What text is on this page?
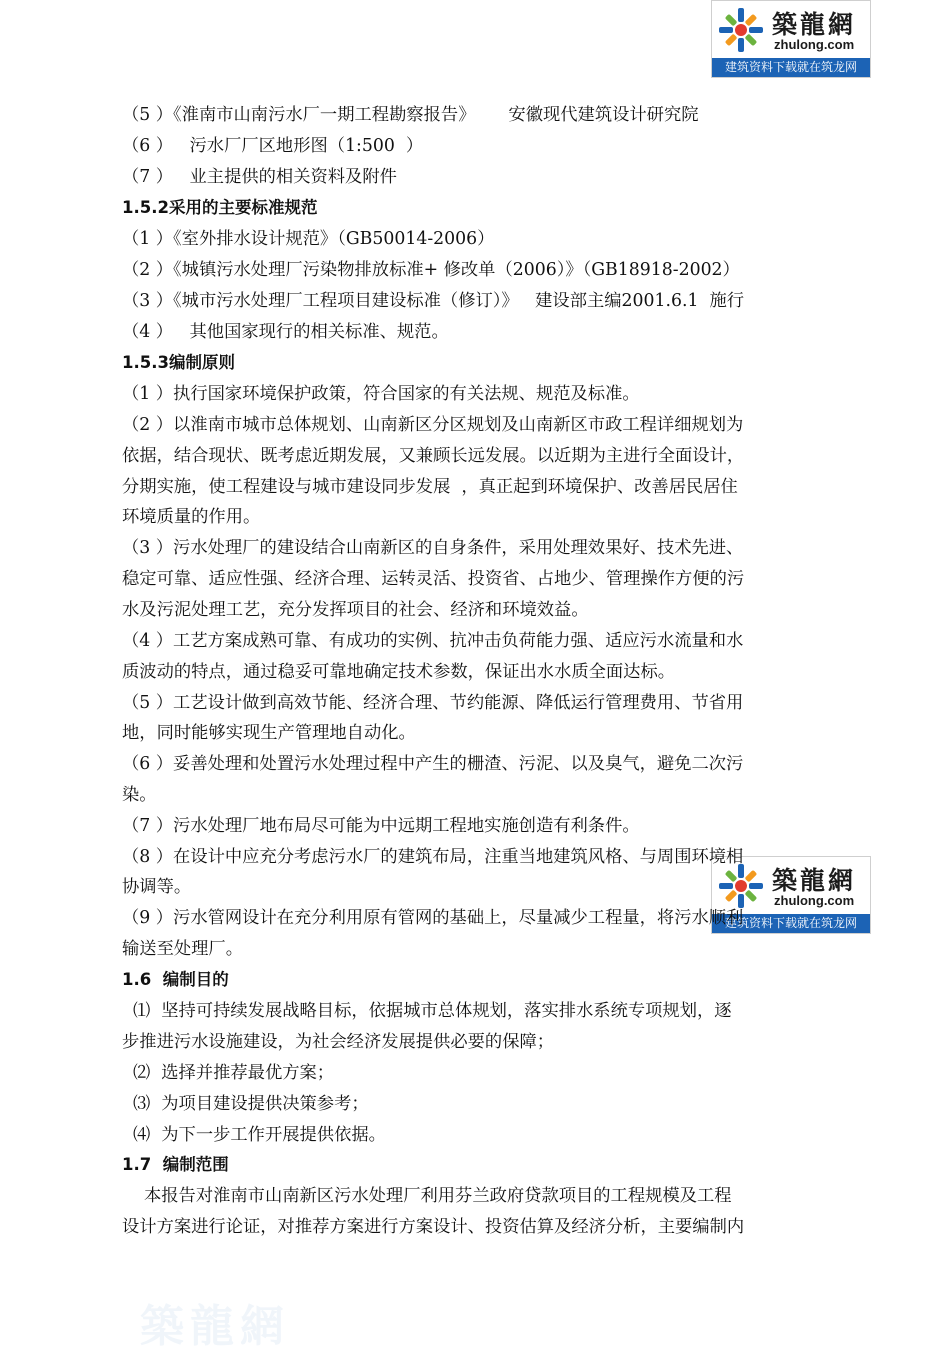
築龍網
zhulong.com
建筑资料下载就在筑龙网
築龍網
zhulong.com
建筑资料下载就在筑龙网
（5 ）《淮南市山南污水厂一期工程勘察报告》      安徽现代建筑设计研究院
（6 ）   污水厂厂区地形图（1:500  ）
（7 ）   业主提供的相关资料及附件
1.5.2采用的主要标准规范
（1 ）《室外排水设计规范》（GB50014-2006）
（2 ）《城镇污水处理厂污染物排放标准+ 修改单（2006）》（GB18918-2002）
（3 ）《城市污水处理厂工程项目建设标准（修订）》   建设部主编2001.6.1  施行
（4 ）   其他国家现行的相关标准、规范。
1.5.3编制原则
（1 ）执行国家环境保护政策，符合国家的有关法规、规范及标准。
（2 ）以淮南市城市总体规划、山南新区分区规划及山南新区市政工程详细规划为
依据，结合现状、既考虑近期发展，又兼顾长远发展。以近期为主进行全面设计，
分期实施，使工程建设与城市建设同步发展  ，真正起到环境保护、改善居民居住
环境质量的作用。
（3 ）污水处理厂的建设结合山南新区的自身条件，采用处理效果好、技术先进、
稳定可靠、适应性强、经济合理、运转灵活、投资省、占地少、管理操作方便的污
水及污泥处理工艺，充分发挥项目的社会、经济和环境效益。
（4 ）工艺方案成熟可靠、有成功的实例、抗冲击负荷能力强、适应污水流量和水
质波动的特点，通过稳妥可靠地确定技术参数，保证出水水质全面达标。
（5 ）工艺设计做到高效节能、经济合理、节约能源、降低运行管理费用、节省用
地，同时能够实现生产管理地自动化。
（6 ）妥善处理和处置污水处理过程中产生的栅渣、污泥、以及臭气，避免二次污
染。
（7 ）污水处理厂地布局尽可能为中远期工程地实施创造有利条件。
（8 ）在设计中应充分考虑污水厂的建筑布局，注重当地建筑风格、与周围环境相
协调等。
（9 ）污水管网设计在充分利用原有管网的基础上，尽量减少工程量，将污水顺利
输送至处理厂。
1.6  编制目的
⑴  坚持可持续发展战略目标，依据城市总体规划，落实排水系统专项规划，逐
步推进污水设施建设，为社会经济发展提供必要的保障；
⑵  选择并推荐最优方案；
⑶  为项目建设提供决策参考；
⑷  为下一步工作开展提供依据。
1.7  编制范围
本报告对淮南市山南新区污水处理厂利用芬兰政府贷款项目的工程规模及工程
设计方案进行论证，对推荐方案进行方案设计、投资估算及经济分析，主要编制内
築龍網
